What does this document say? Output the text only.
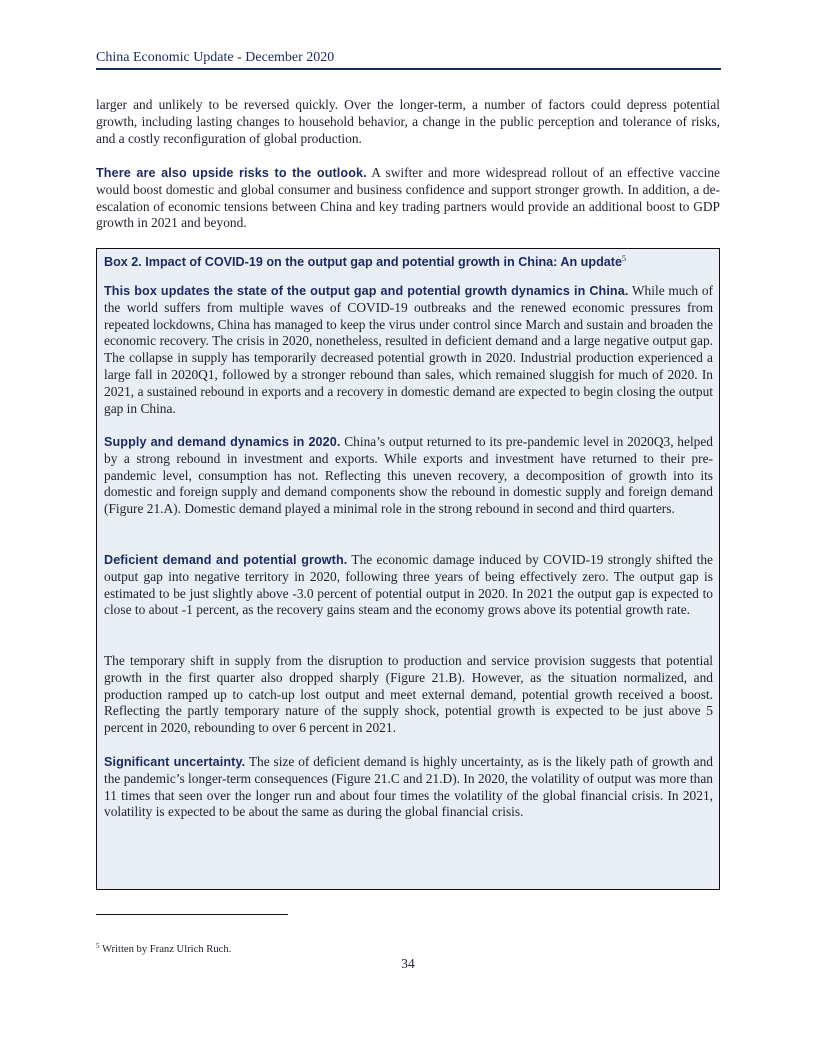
China Economic Update - December 2020

larger and unlikely to be reversed quickly. Over the longer-term, a number of factors could depress potential growth, including lasting changes to household behavior, a change in the public perception and tolerance of risks, and a costly reconfiguration of global production.

There are also upside risks to the outlook. A swifter and more widespread rollout of an effective vaccine would boost domestic and global consumer and business confidence and support stronger growth. In addition, a de-escalation of economic tensions between China and key trading partners would provide an additional boost to GDP growth in 2021 and beyond.

Box 2. Impact of COVID-19 on the output gap and potential growth in China: An update$^5$

This box updates the state of the output gap and potential growth dynamics in China. While much of the world suffers from multiple waves of COVID-19 outbreaks and the renewed economic pressures from repeated lockdowns, China has managed to keep the virus under control since March and sustain and broaden the economic recovery. The crisis in 2020, nonetheless, resulted in deficient demand and a large negative output gap. The collapse in supply has temporarily decreased potential growth in 2020. Industrial production experienced a large fall in 2020Q1, followed by a stronger rebound than sales, which remained sluggish for much of 2020. In 2021, a sustained rebound in exports and a recovery in domestic demand are expected to begin closing the output gap in China.

Supply and demand dynamics in 2020. China’s output returned to its pre-pandemic level in 2020Q3, helped by a strong rebound in investment and exports. While exports and investment have returned to their pre-pandemic level, consumption has not. Reflecting this uneven recovery, a decomposition of growth into its domestic and foreign supply and demand components show the rebound in domestic supply and foreign demand (Figure 21.A). Domestic demand played a minimal role in the strong rebound in second and third quarters.

Deficient demand and potential growth. The economic damage induced by COVID-19 strongly shifted the output gap into negative territory in 2020, following three years of being effectively zero. The output gap is estimated to be just slightly above -3.0 percent of potential output in 2020. In 2021 the output gap is expected to close to about -1 percent, as the recovery gains steam and the economy grows above its potential growth rate.

The temporary shift in supply from the disruption to production and service provision suggests that potential growth in the first quarter also dropped sharply (Figure 21.B). However, as the situation normalized, and production ramped up to catch-up lost output and meet external demand, potential growth received a boost. Reflecting the partly temporary nature of the supply shock, potential growth is expected to be just above 5 percent in 2020, rebounding to over 6 percent in 2021.

Significant uncertainty. The size of deficient demand is highly uncertainty, as is the likely path of growth and the pandemic’s longer-term consequences (Figure 21.C and 21.D). In 2020, the volatility of output was more than 11 times that seen over the longer run and about four times the volatility of the global financial crisis. In 2021, volatility is expected to be about the same as during the global financial crisis.

$^5$ Written by Franz Ulrich Ruch.
34
